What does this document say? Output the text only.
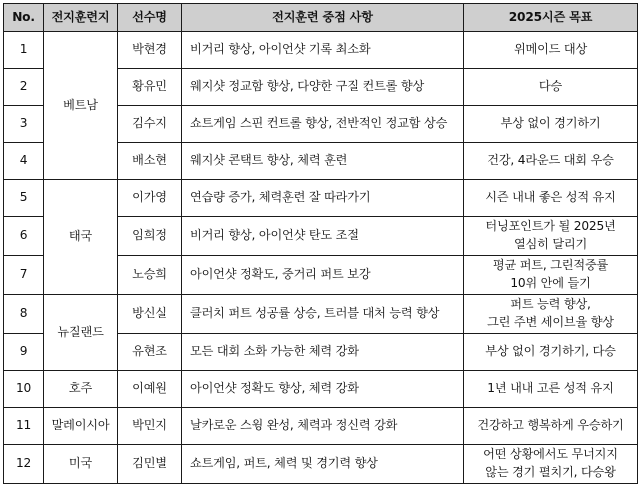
No.	전지훈련지	선수명	전지훈련 중점 사항	2025시즌 목표
1	베트남	박현경	비거리 향상, 아이언샷 기록 최소화	위메이드 대상
2		황유민	웨지샷 정교함 향상, 다양한 구질 컨트롤 향상	다승
3		김수지	쇼트게임 스핀 컨트롤 향상, 전반적인 정교함 상승	부상 없이 경기하기
4		배소현	웨지샷 콘택트 향상, 체력 훈련	건강, 4라운드 대회 우승
5	태국	이가영	연습량 증가, 체력훈련 잘 따라가기	시즌 내내 좋은 성적 유지
6		임희정	비거리 향상, 아이언샷 탄도 조절	터닝포인트가 될 2025년
열심히 달리기
7		노승희	아이언샷 정확도, 중거리 퍼트 보강	평균 퍼트, 그린적중률
10위 안에 들기
8	뉴질랜드	방신실	클러치 퍼트 성공률 상승, 트러블 대처 능력 향상	퍼트 능력 향상,
그린 주변 세이브율 향상
9		유현조	모든 대회 소화 가능한 체력 강화	부상 없이 경기하기, 다승
10	호주	이예원	아이언샷 정확도 향상, 체력 강화	1년 내내 고른 성적 유지
11	말레이시아	박민지	날카로운 스윙 완성, 체력과 정신력 강화	건강하고 행복하게 우승하기
12	미국	김민별	쇼트게임, 퍼트, 체력 및 경기력 향상	어떤 상황에서도 무너지지
않는 경기 펼치기, 다승왕
